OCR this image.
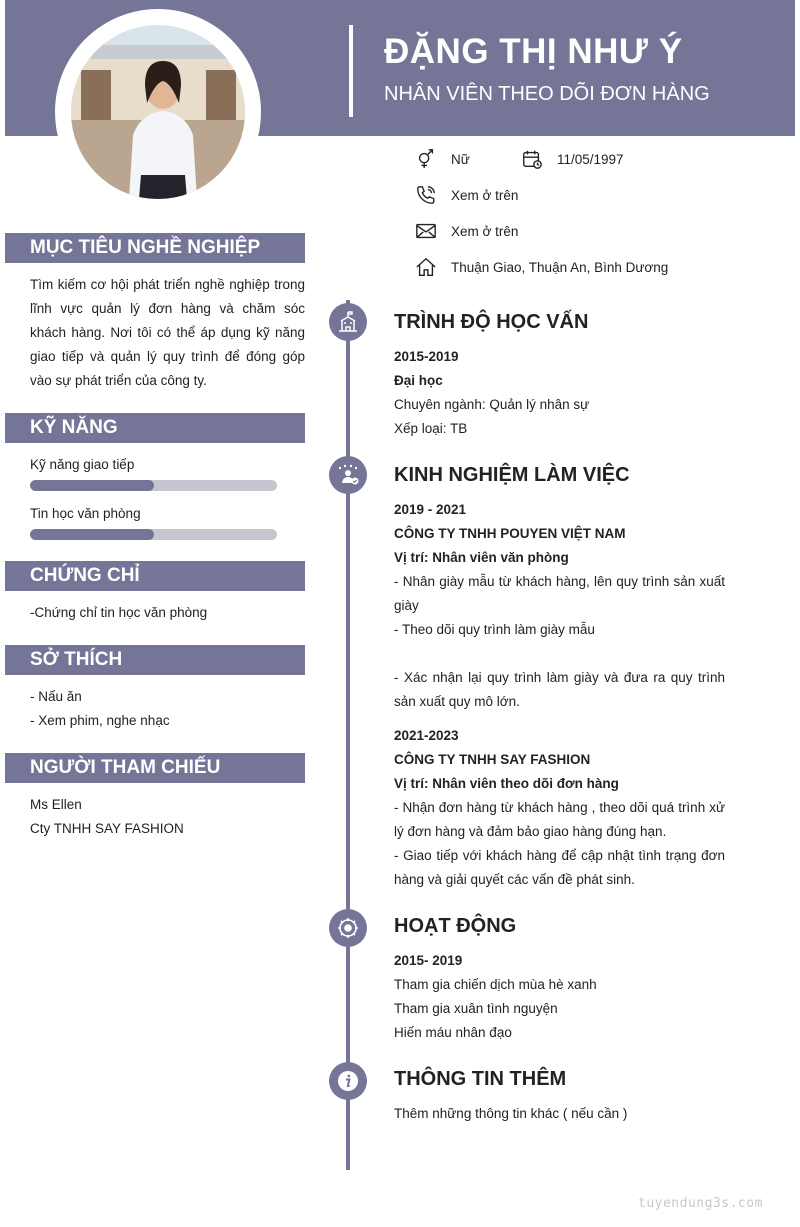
ĐẶNG THỊ NHƯ Ý
NHÂN VIÊN THEO DÕI ĐƠN HÀNG
Nữ	11/05/1997
Xem ở trên
Xem ở trên
Thuận Giao, Thuận An, Bình Dương
MỤC TIÊU NGHỀ NGHIỆP
Tìm kiếm cơ hội phát triển nghề nghiệp trong lĩnh vực quản lý đơn hàng và chăm sóc khách hàng. Nơi tôi có thể áp dụng kỹ năng giao tiếp và quản lý quy trình để đóng góp vào sự phát triển của công ty.
KỸ NĂNG
Kỹ năng giao tiếp
Tin học văn phòng
CHỨNG CHỈ
-Chứng chỉ tin học văn phòng
SỞ THÍCH
- Nấu ăn
- Xem phim, nghe nhạc
NGƯỜI THAM CHIẾU
Ms Ellen
Cty TNHH SAY FASHION
TRÌNH ĐỘ HỌC VẤN
2015-2019
Đại học
Chuyên ngành: Quản lý nhân sự
Xếp loại: TB
KINH NGHIỆM LÀM VIỆC
2019 - 2021
CÔNG TY TNHH POUYEN VIỆT NAM
Vị trí: Nhân viên văn phòng
- Nhân giày mẫu từ khách hàng, lên quy trình sản xuất giày
- Theo dõi quy trình làm giày mẫu
- Xác nhận lại quy trình làm giày và đưa ra quy trình sản xuất quy mô lớn.
2021-2023
CÔNG TY TNHH SAY FASHION
Vị trí: Nhân viên theo dõi đơn hàng
- Nhận đơn hàng từ khách hàng , theo dõi quá trình xử lý đơn hàng và đảm bảo giao hàng đúng hạn.
- Giao tiếp với khách hàng để cập nhật tình trạng đơn hàng và giải quyết các vấn đề phát sinh.
HOẠT ĐỘNG
2015- 2019
Tham gia chiến dịch mùa hè xanh
Tham gia xuân tình nguyện
Hiến máu nhân đạo
THÔNG TIN THÊM
Thêm những thông tin khác ( nếu cần )
tuyendung3s.com
